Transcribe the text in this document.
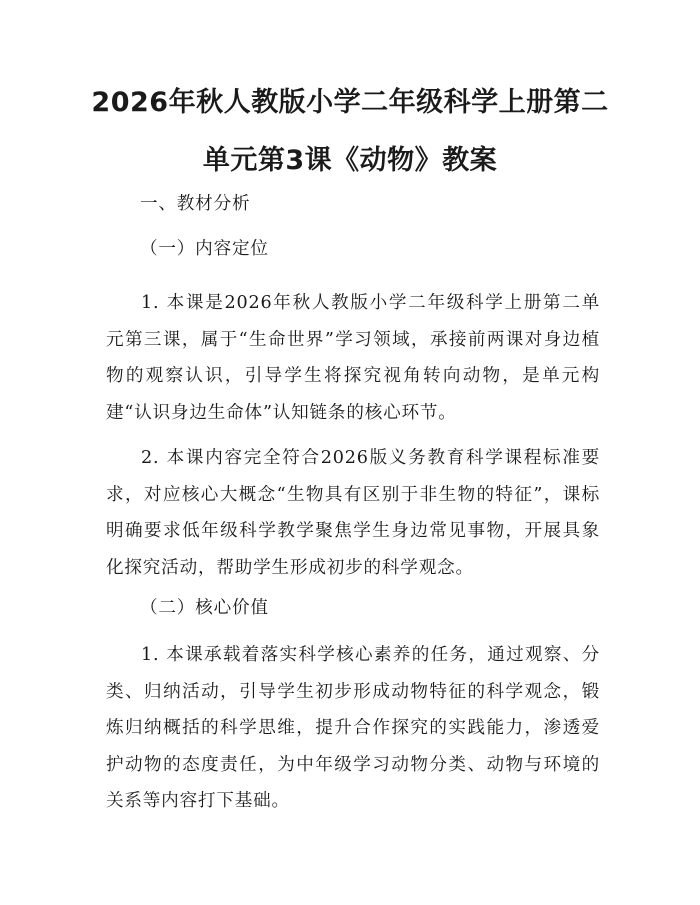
2026年秋人教版小学二年级科学上册第二单元第3课《动物》教案
一、教材分析
（一）内容定位

1. 本课是2026年秋人教版小学二年级科学上册第二单元第三课，属于“生命世界”学习领域，承接前两课对身边植物的观察认识，引导学生将探究视角转向动物，是单元构建“认识身边生命体”认知链条的核心环节。

2. 本课内容完全符合2026版义务教育科学课程标准要求，对应核心大概念“生物具有区别于非生物的特征”，课标明确要求低年级科学教学聚焦学生身边常见事物，开展具象化探究活动，帮助学生形成初步的科学观念。

（二）核心价值

1. 本课承载着落实科学核心素养的任务，通过观察、分类、归纳活动，引导学生初步形成动物特征的科学观念，锻炼归纳概括的科学思维，提升合作探究的实践能力，渗透爱护动物的态度责任，为中年级学习动物分类、动物与环境的关系等内容打下基础。
